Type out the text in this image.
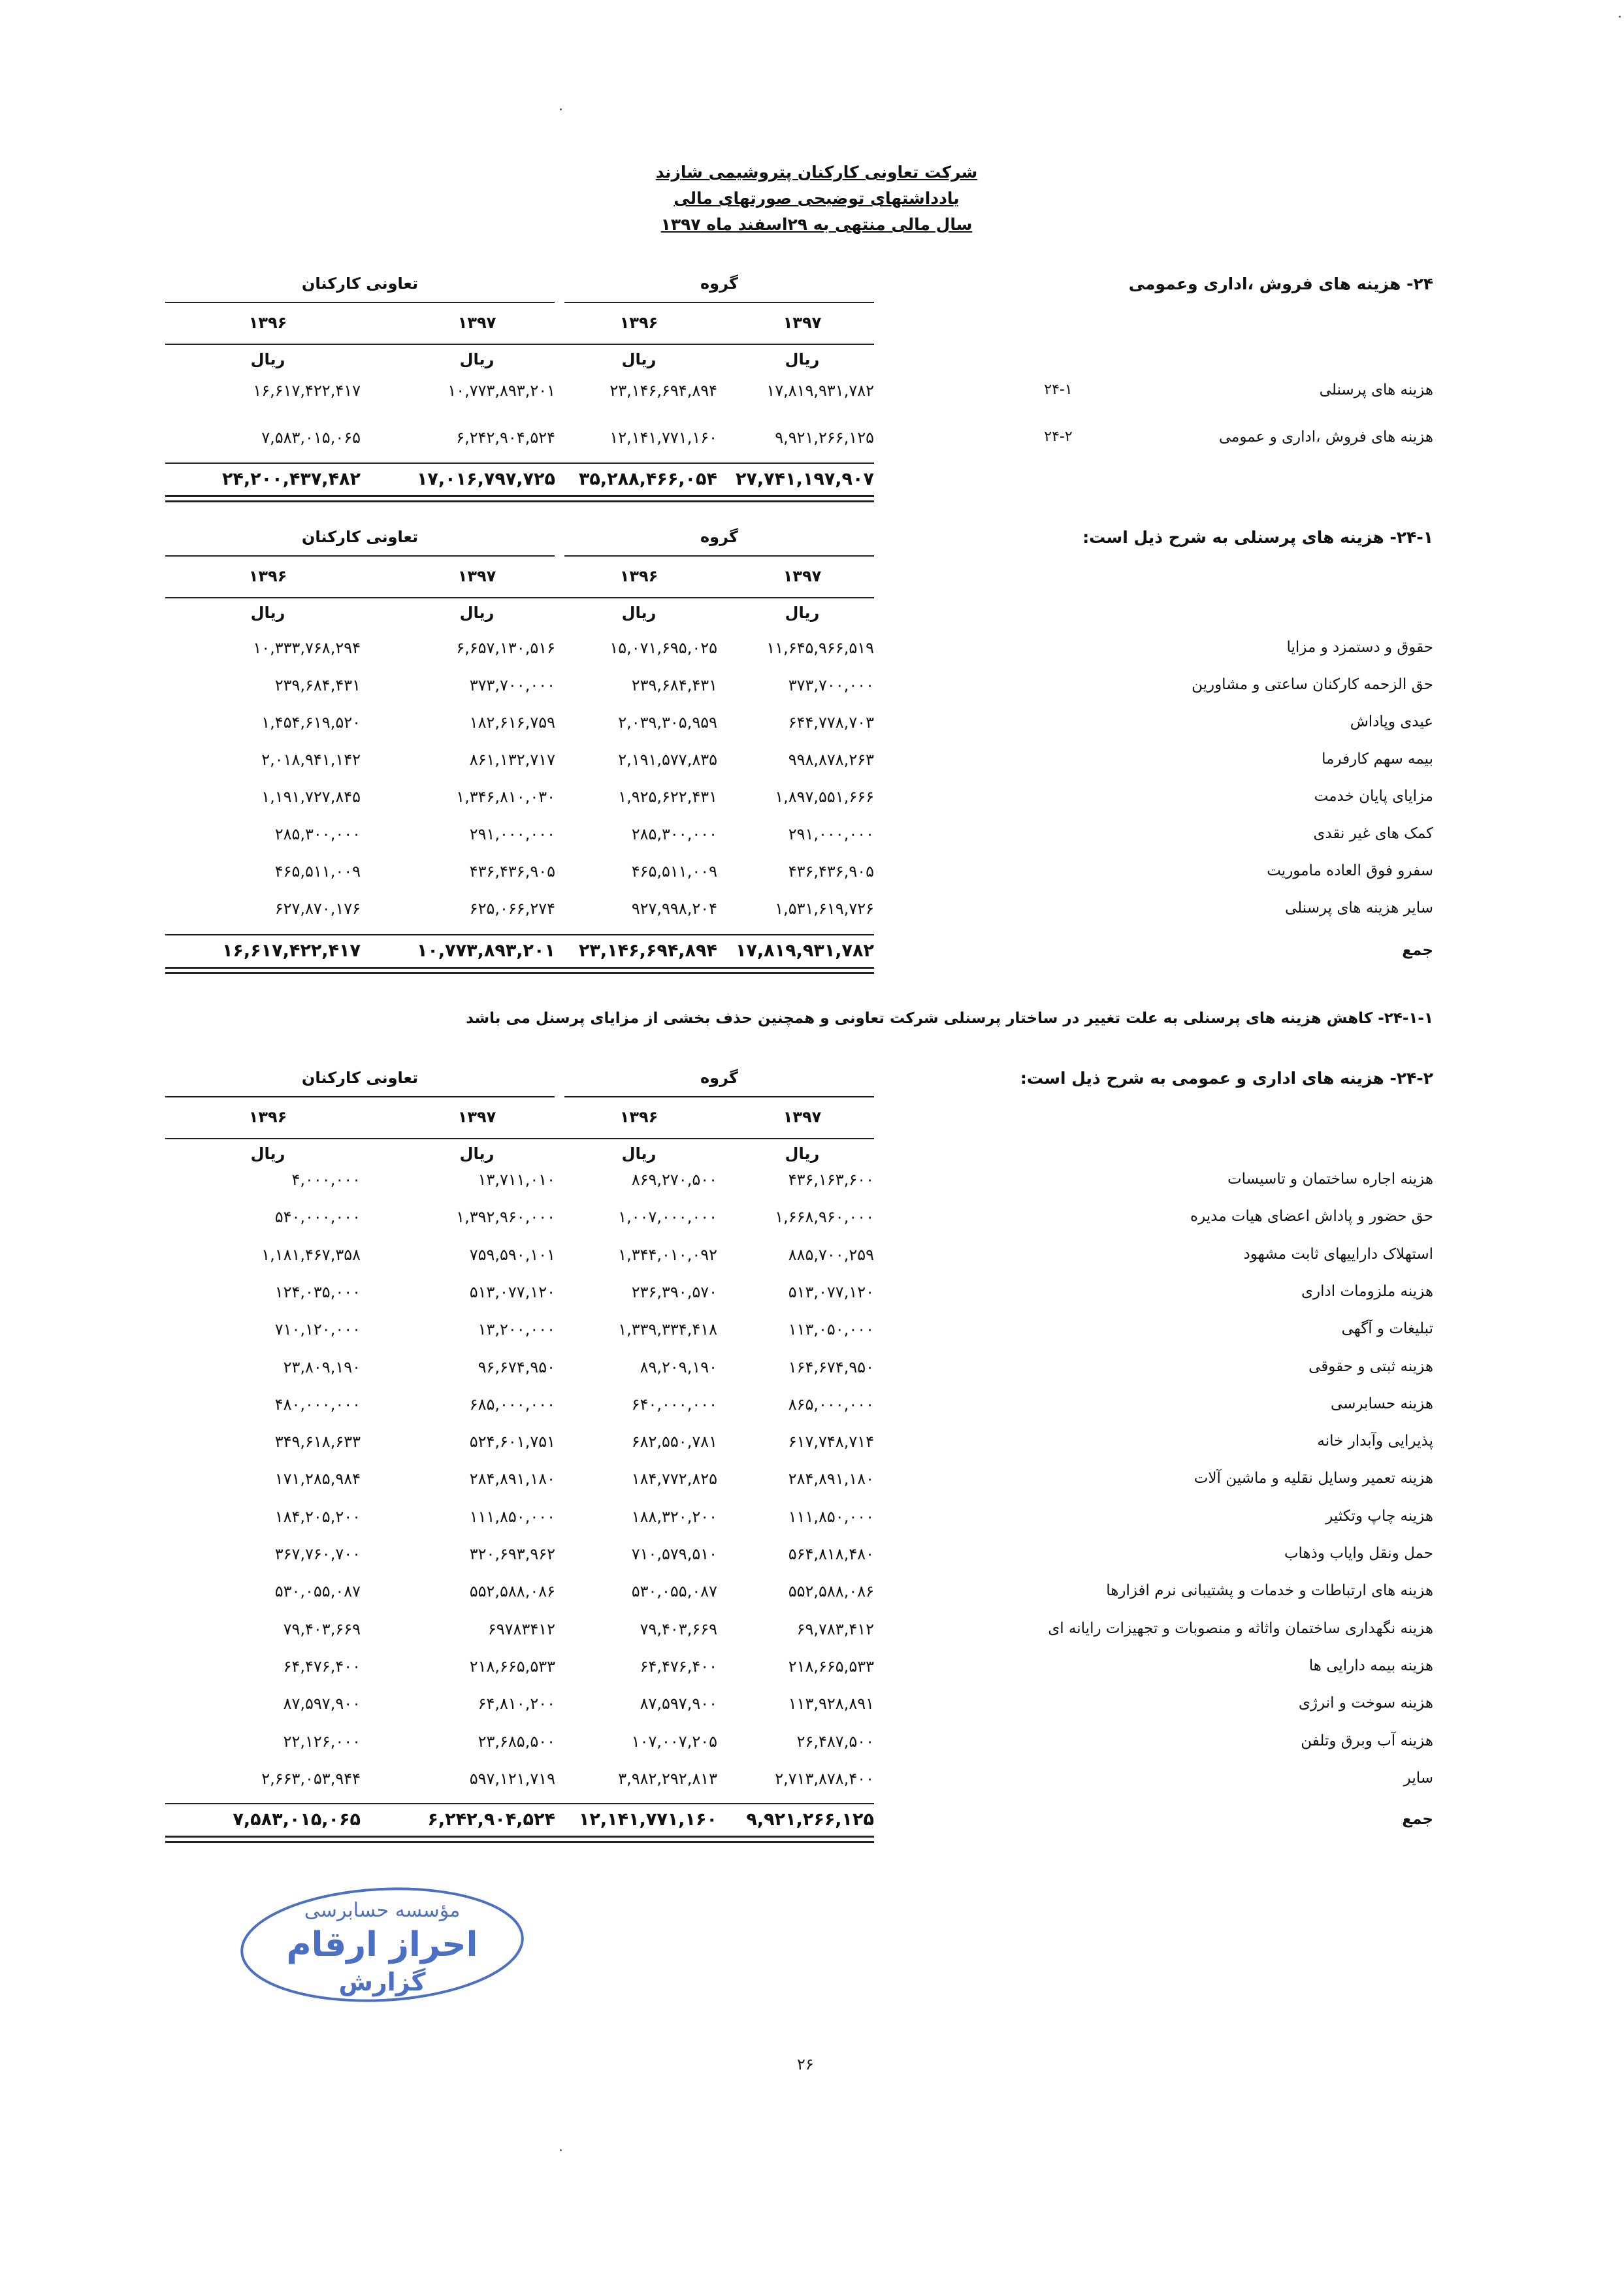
شرکت تعاونی کارکنان پتروشیمی شازند
یادداشتهای توضیحی صورتهای مالی
سال مالی منتهی به ۲۹اسفند ماه ۱۳۹۷
۲۴- هزینه های فروش ،اداری وعمومی
گروه
تعاونی کارکنان
۱۳۹۷
ریال
۱۳۹۶
ریال
۱۳۹۷
ریال
۱۳۹۶
ریال
هزینه های پرسنلی
۲۴-۱
۱۷,۸۱۹,۹۳۱,۷۸۲
۲۳,۱۴۶,۶۹۴,۸۹۴
۱۰,۷۷۳,۸۹۳,۲۰۱
۱۶,۶۱۷,۴۲۲,۴۱۷
هزینه های فروش ،اداری و عمومی
۲۴-۲
۹,۹۲۱,۲۶۶,۱۲۵
۱۲,۱۴۱,۷۷۱,۱۶۰
۶,۲۴۲,۹۰۴,۵۲۴
۷,۵۸۳,۰۱۵,۰۶۵
۲۷,۷۴۱,۱۹۷,۹۰۷
۳۵,۲۸۸,۴۶۶,۰۵۴
۱۷,۰۱۶,۷۹۷,۷۲۵
۲۴,۲۰۰,۴۳۷,۴۸۲
۲۴-۱- هزینه های پرسنلی به شرح ذیل است:
گروه
تعاونی کارکنان
۱۳۹۷
ریال
۱۳۹۶
ریال
۱۳۹۷
ریال
۱۳۹۶
ریال
حقوق و دستمزد و مزایا
۱۱,۶۴۵,۹۶۶,۵۱۹
۱۵,۰۷۱,۶۹۵,۰۲۵
۶,۶۵۷,۱۳۰,۵۱۶
۱۰,۳۳۳,۷۶۸,۲۹۴
حق الزحمه کارکنان ساعتی و مشاورین
۳۷۳,۷۰۰,۰۰۰
۲۳۹,۶۸۴,۴۳۱
۳۷۳,۷۰۰,۰۰۰
۲۳۹,۶۸۴,۴۳۱
عیدی وپاداش
۶۴۴,۷۷۸,۷۰۳
۲,۰۳۹,۳۰۵,۹۵۹
۱۸۲,۶۱۶,۷۵۹
۱,۴۵۴,۶۱۹,۵۲۰
بیمه سهم کارفرما
۹۹۸,۸۷۸,۲۶۳
۲,۱۹۱,۵۷۷,۸۳۵
۸۶۱,۱۳۲,۷۱۷
۲,۰۱۸,۹۴۱,۱۴۲
مزایای پایان خدمت
۱,۸۹۷,۵۵۱,۶۶۶
۱,۹۲۵,۶۲۲,۴۳۱
۱,۳۴۶,۸۱۰,۰۳۰
۱,۱۹۱,۷۲۷,۸۴۵
کمک های غیر نقدی
۲۹۱,۰۰۰,۰۰۰
۲۸۵,۳۰۰,۰۰۰
۲۹۱,۰۰۰,۰۰۰
۲۸۵,۳۰۰,۰۰۰
سفرو فوق العاده ماموریت
۴۳۶,۴۳۶,۹۰۵
۴۶۵,۵۱۱,۰۰۹
۴۳۶,۴۳۶,۹۰۵
۴۶۵,۵۱۱,۰۰۹
سایر هزینه های پرسنلی
۱,۵۳۱,۶۱۹,۷۲۶
۹۲۷,۹۹۸,۲۰۴
۶۲۵,۰۶۶,۲۷۴
۶۲۷,۸۷۰,۱۷۶
جمع
۱۷,۸۱۹,۹۳۱,۷۸۲
۲۳,۱۴۶,۶۹۴,۸۹۴
۱۰,۷۷۳,۸۹۳,۲۰۱
۱۶,۶۱۷,۴۲۲,۴۱۷
۲۴-۲- هزینه های اداری و عمومی به شرح ذیل است:
گروه
تعاونی کارکنان
۱۳۹۷
ریال
۱۳۹۶
ریال
۱۳۹۷
ریال
۱۳۹۶
ریال
هزینه اجاره ساختمان و تاسیسات
۴۳۶,۱۶۳,۶۰۰
۸۶۹,۲۷۰,۵۰۰
۱۳,۷۱۱,۰۱۰
۴,۰۰۰,۰۰۰
حق حضور و پاداش اعضای هیات مدیره
۱,۶۶۸,۹۶۰,۰۰۰
۱,۰۰۷,۰۰۰,۰۰۰
۱,۳۹۲,۹۶۰,۰۰۰
۵۴۰,۰۰۰,۰۰۰
استهلاک داراییهای ثابت مشهود
۸۸۵,۷۰۰,۲۵۹
۱,۳۴۴,۰۱۰,۰۹۲
۷۵۹,۵۹۰,۱۰۱
۱,۱۸۱,۴۶۷,۳۵۸
هزینه ملزومات اداری
۵۱۳,۰۷۷,۱۲۰
۲۳۶,۳۹۰,۵۷۰
۵۱۳,۰۷۷,۱۲۰
۱۲۴,۰۳۵,۰۰۰
تبلیغات و آگهی
۱۱۳,۰۵۰,۰۰۰
۱,۳۳۹,۳۳۴,۴۱۸
۱۳,۲۰۰,۰۰۰
۷۱۰,۱۲۰,۰۰۰
هزینه ثبتی و حقوقی
۱۶۴,۶۷۴,۹۵۰
۸۹,۲۰۹,۱۹۰
۹۶,۶۷۴,۹۵۰
۲۳,۸۰۹,۱۹۰
هزینه حسابرسی
۸۶۵,۰۰۰,۰۰۰
۶۴۰,۰۰۰,۰۰۰
۶۸۵,۰۰۰,۰۰۰
۴۸۰,۰۰۰,۰۰۰
پذیرایی وآبدار خانه
۶۱۷,۷۴۸,۷۱۴
۶۸۲,۵۵۰,۷۸۱
۵۲۴,۶۰۱,۷۵۱
۳۴۹,۶۱۸,۶۳۳
هزینه تعمیر وسایل نقلیه و ماشین آلات
۲۸۴,۸۹۱,۱۸۰
۱۸۴,۷۷۲,۸۲۵
۲۸۴,۸۹۱,۱۸۰
۱۷۱,۲۸۵,۹۸۴
هزینه چاپ وتکثیر
۱۱۱,۸۵۰,۰۰۰
۱۸۸,۳۲۰,۲۰۰
۱۱۱,۸۵۰,۰۰۰
۱۸۴,۲۰۵,۲۰۰
حمل ونقل وایاب وذهاب
۵۶۴,۸۱۸,۴۸۰
۷۱۰,۵۷۹,۵۱۰
۳۲۰,۶۹۳,۹۶۲
۳۶۷,۷۶۰,۷۰۰
هزینه های ارتباطات و خدمات و پشتیبانی نرم افزارها
۵۵۲,۵۸۸,۰۸۶
۵۳۰,۰۵۵,۰۸۷
۵۵۲,۵۸۸,۰۸۶
۵۳۰,۰۵۵,۰۸۷
هزینه نگهداری ساختمان واثاثه و منصوبات و تجهیزات رایانه ای
۶۹,۷۸۳,۴۱۲
۷۹,۴۰۳,۶۶۹
۶۹۷۸۳۴۱۲
۷۹,۴۰۳,۶۶۹
هزینه بیمه دارایی ها
۲۱۸,۶۶۵,۵۳۳
۶۴,۴۷۶,۴۰۰
۲۱۸,۶۶۵,۵۳۳
۶۴,۴۷۶,۴۰۰
هزینه سوخت و انرژی
۱۱۳,۹۲۸,۸۹۱
۸۷,۵۹۷,۹۰۰
۶۴,۸۱۰,۲۰۰
۸۷,۵۹۷,۹۰۰
هزینه آب وبرق وتلفن
۲۶,۴۸۷,۵۰۰
۱۰۷,۰۰۷,۲۰۵
۲۳,۶۸۵,۵۰۰
۲۲,۱۲۶,۰۰۰
سایر
۲,۷۱۳,۸۷۸,۴۰۰
۳,۹۸۲,۲۹۲,۸۱۳
۵۹۷,۱۲۱,۷۱۹
۲,۶۶۳,۰۵۳,۹۴۴
جمع
۹,۹۲۱,۲۶۶,۱۲۵
۱۲,۱۴۱,۷۷۱,۱۶۰
۶,۲۴۲,۹۰۴,۵۲۴
۷,۵۸۳,۰۱۵,۰۶۵
۲۴-۱-۱- کاهش هزینه های پرسنلی به علت تغییر در ساختار پرسنلی شرکت تعاونی و همچنین حذف بخشی از مزایای پرسنل می باشد
مؤسسه حسابرسی
احراز ارقام
گزارش
۲۶
